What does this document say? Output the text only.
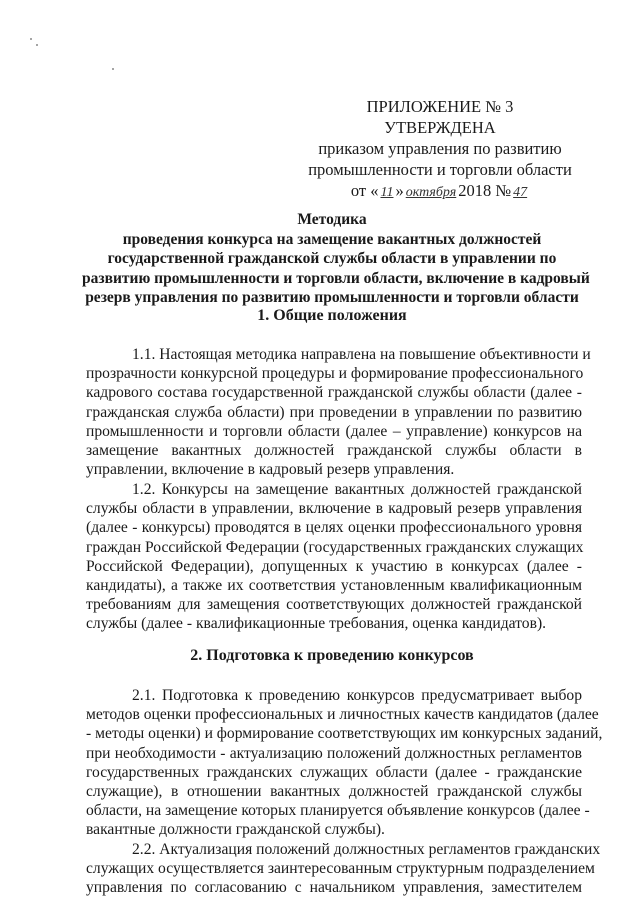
ПРИЛОЖЕНИЕ № 3
УТВЕРЖДЕНА
приказом управления по развитию
промышленности и торговли области
от « 11 » октября 2018 № 47
Методика
проведения конкурса на замещение вакантных должностей
государственной гражданской службы области в управлении по
развитию промышленности и торговли области, включение в кадровый
резерв управления по развитию промышленности и торговли области
1. Общие положения
1.1. Настоящая методика направлена на повышение объективности и
прозрачности конкурсной процедуры и формирование профессионального
кадрового состава государственной гражданской службы области (далее -
гражданская служба области) при проведении в управлении по развитию
промышленности и торговли области (далее – управление) конкурсов на
замещение вакантных должностей гражданской службы области в
управлении, включение в кадровый резерв управления.
1.2. Конкурсы на замещение вакантных должностей гражданской
службы области в управлении, включение в кадровый резерв управления
(далее - конкурсы) проводятся в целях оценки профессионального уровня
граждан Российской Федерации (государственных гражданских служащих
Российской Федерации), допущенных к участию в конкурсах (далее -
кандидаты), а также их соответствия установленным квалификационным
требованиям для замещения соответствующих должностей гражданской
службы (далее - квалификационные требования, оценка кандидатов).
2. Подготовка к проведению конкурсов
2.1. Подготовка к проведению конкурсов предусматривает выбор
методов оценки профессиональных и личностных качеств кандидатов (далее
- методы оценки) и формирование соответствующих им конкурсных заданий,
при необходимости - актуализацию положений должностных регламентов
государственных гражданских служащих области (далее - гражданские
служащие), в отношении вакантных должностей гражданской службы
области, на замещение которых планируется объявление конкурсов (далее -
вакантные должности гражданской службы).
2.2. Актуализация положений должностных регламентов гражданских
служащих осуществляется заинтересованным структурным подразделением
управления по согласованию с начальником управления, заместителем
